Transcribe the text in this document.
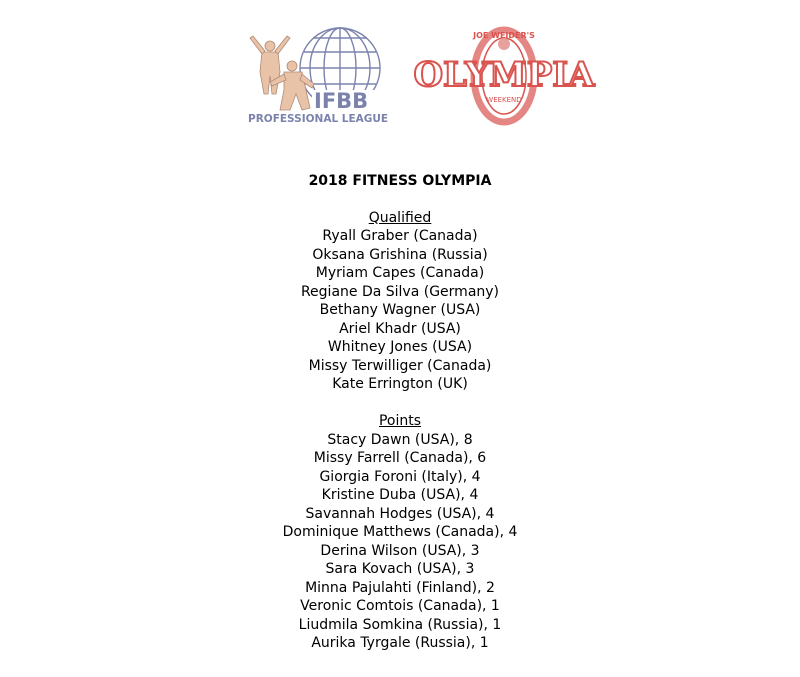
IFBB
PROFESSIONAL LEAGUE
JOE WEIDER'S
OLYMPIA
WEEKEND
2018 FITNESS OLYMPIA
Qualified
Ryall Graber (Canada)
Oksana Grishina (Russia)
Myriam Capes (Canada)
Regiane Da Silva (Germany)
Bethany Wagner (USA)
Ariel Khadr (USA)
Whitney Jones (USA)
Missy Terwilliger (Canada)
Kate Errington (UK)
Points
Stacy Dawn (USA), 8
Missy Farrell (Canada), 6
Giorgia Foroni (Italy), 4
Kristine Duba (USA), 4
Savannah Hodges (USA), 4
Dominique Matthews (Canada), 4
Derina Wilson (USA), 3
Sara Kovach (USA), 3
Minna Pajulahti (Finland), 2
Veronic Comtois (Canada), 1
Liudmila Somkina (Russia), 1
Aurika Tyrgale (Russia), 1
